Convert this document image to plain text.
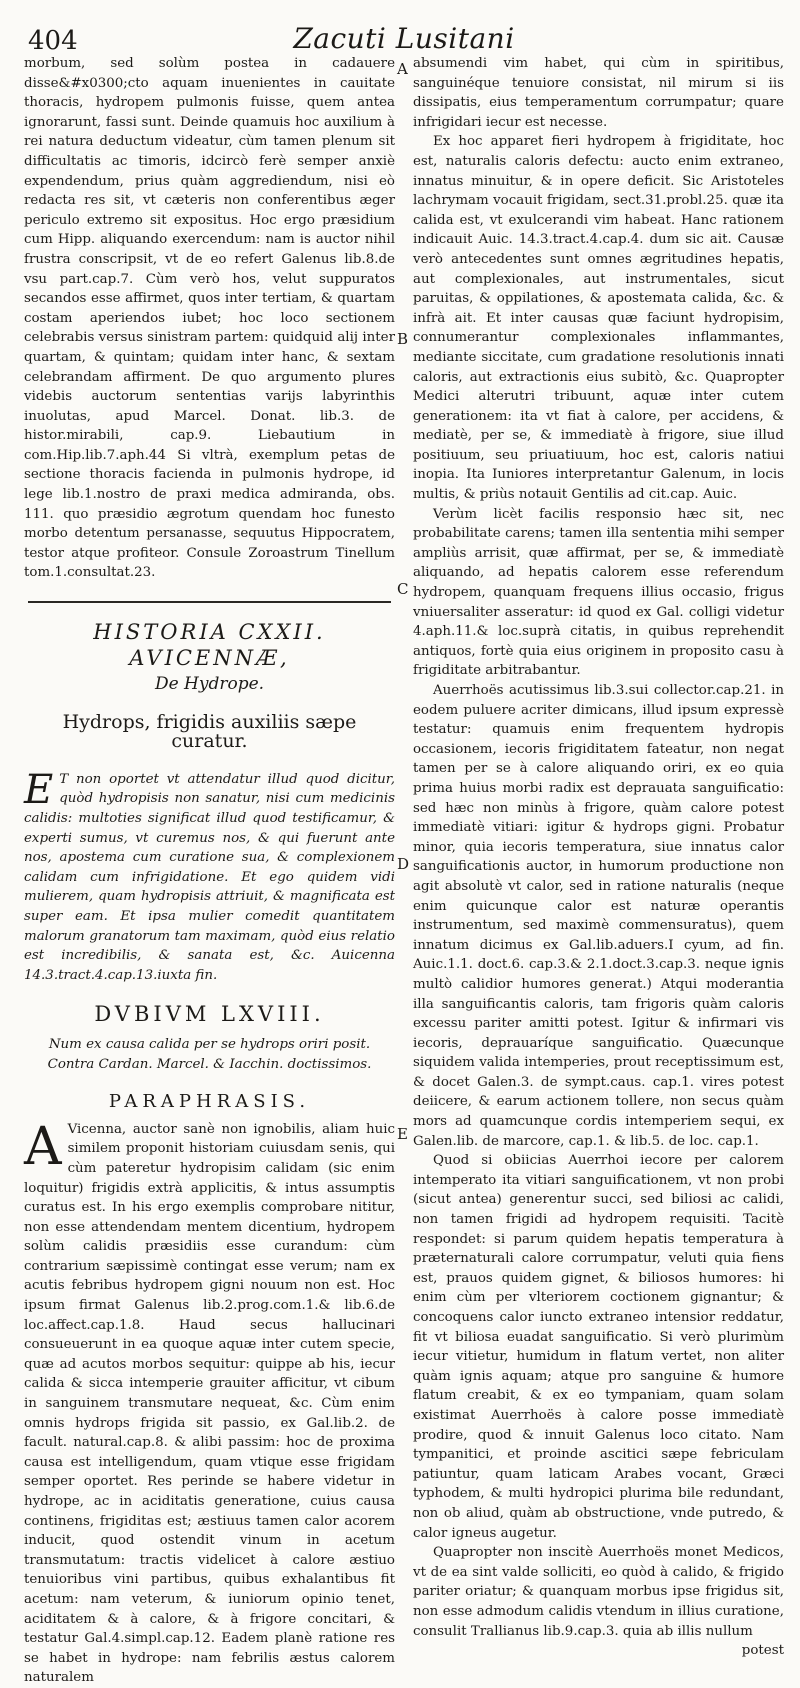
404	Zacuti Lusitani
A
B
C
D
E

morbum, sed solùm postea in cadauere disse&#x0300;cto aquam inuenientes in cauitate thoracis, hydropem pulmonis fuisse, quem antea ignorarunt, fassi sunt. Deinde quamuis hoc auxilium à rei natura deductum videatur, cùm tamen plenum sit difficultatis ac timoris, idcircò ferè semper anxiè expendendum, prius quàm aggrediendum, nisi eò redacta res sit, vt cæteris non conferentibus æger periculo extremo sit expositus. Hoc ergo præsidium cum Hipp. aliquando exercendum: nam is auctor nihil frustra conscripsit, vt de eo refert Galenus lib.8.de vsu part.cap.7. Cùm verò hos, velut suppuratos secandos esse affirmet, quos inter tertiam, & quartam costam aperiendos iubet; hoc loco sectionem celebrabis versus sinistram partem: quidquid alij inter quartam, & quintam; quidam inter hanc, & sextam celebrandam affirment. De quo argumento plures videbis auctorum sententias varijs labyrinthis inuolutas, apud Marcel. Donat. lib.3. de histor.mirabili, cap.9. Liebautium in com.Hip.lib.7.aph.44 Si vltrà, exemplum petas de sectione thoracis facienda in pulmonis hydrope, id lege lib.1.nostro de praxi medica admiranda, obs. 111. quo præsidio ægrotum quendam hoc funesto morbo detentum persanasse, sequutus Hippocratem, testor atque profiteor. Consule Zoroastrum Tinellum tom.1.consultat.23.

HISTORIA CXXII. AVICENNÆ,

De Hydrope.

Hydrops, frigidis auxiliis sæpe curatur.

E T non oportet vt attendatur illud quod dicitur, quòd hydropisis non sanatur, nisi cum medicinis calidis: multoties significat illud quod testificamur, & experti sumus, vt curemus nos, & qui fuerunt ante nos, apostema cum curatione sua, & complexionem calidam cum infrigidatione. Et ego quidem vidi mulierem, quam hydropisis attriuit, & magnificata est super eam. Et ipsa mulier comedit quantitatem malorum granatorum tam maximam, quòd eius relatio est incredibilis, & sanata est, &c. Auicenna 14.3.tract.4.cap.13.iuxta fin.

DVBIVM LXVIII.

Num ex causa calida per se hydrops oriri posit. Contra Cardan. Marcel. & Iacchin. doctissimos.

PARAPHRASIS.

A Vicenna, auctor sanè non ignobilis, aliam huic similem proponit historiam cuiusdam senis, qui cùm pateretur hydropisim calidam (sic enim loquitur) frigidis extrà applicitis, & intus assumptis curatus est. In his ergo exemplis comprobare nititur, non esse attendendam mentem dicentium, hydropem solùm calidis præsidiis esse curandum: cùm contrarium sæpissimè contingat esse verum; nam ex acutis febribus hydropem gigni nouum non est. Hoc ipsum firmat Galenus lib.2.prog.com.1.& lib.6.de loc.affect.cap.1.8. Haud secus hallucinari consueuerunt in ea quoque aquæ inter cutem specie, quæ ad acutos morbos sequitur: quippe ab his, iecur calida & sicca intemperie grauiter afficitur, vt cibum in sanguinem transmutare nequeat, &c. Cùm enim omnis hydrops frigida sit passio, ex Gal.lib.2. de facult. natural.cap.8. & alibi passim: hoc de proxima causa est intelligendum, quam vtique esse frigidam semper oportet. Res perinde se habere videtur in hydrope, ac in aciditatis generatione, cuius causa continens, frigiditas est; æstiuus tamen calor acorem inducit, quod ostendit vinum in acetum transmutatum: tractis videlicet à calore æstiuo tenuioribus vini partibus, quibus exhalantibus fit acetum: nam veterum, & iuniorum opinio tenet, aciditatem & à calore, & à frigore concitari, & testatur Gal.4.simpl.cap.12. Eadem planè ratione res se habet in hydrope: nam febrilis æstus calorem naturalem

absumendi vim habet, qui cùm in spiritibus, sanguinéque tenuiore consistat, nil mirum si iis dissipatis, eius temperamentum corrumpatur; quare infrigidari iecur est necesse.

Ex hoc apparet fieri hydropem à frigiditate, hoc est, naturalis caloris defectu: aucto enim extraneo, innatus minuitur, & in opere deficit. Sic Aristoteles lachrymam vocauit frigidam, sect.31.probl.25. quæ ita calida est, vt exulcerandi vim habeat. Hanc rationem indicauit Auic. 14.3.tract.4.cap.4. dum sic ait. Causæ verò antecedentes sunt omnes ægritudines hepatis, aut complexionales, aut instrumentales, sicut paruitas, & oppilationes, & apostemata calida, &c. & infrà ait. Et inter causas quæ faciunt hydropisim, connumerantur complexionales inflammantes, mediante siccitate, cum gradatione resolutionis innati caloris, aut extractionis eius subitò, &c. Quapropter Medici alterutri tribuunt, aquæ inter cutem generationem: ita vt fiat à calore, per accidens, & mediatè, per se, & immediatè à frigore, siue illud positiuum, seu priuatiuum, hoc est, caloris natiui inopia. Ita Iuniores interpretantur Galenum, in locis multis, & priùs notauit Gentilis ad cit.cap. Auic.

Verùm licèt facilis responsio hæc sit, nec probabilitate carens; tamen illa sententia mihi semper ampliùs arrisit, quæ affirmat, per se, & immediatè aliquando, ad hepatis calorem esse referendum hydropem, quanquam frequens illius occasio, frigus vniuersaliter asseratur: id quod ex Gal. colligi videtur 4.aph.11.& loc.suprà citatis, in quibus reprehendit antiquos, fortè quia eius originem in proposito casu à frigiditate arbitrabantur.

Auerrhoës acutissimus lib.3.sui collector.cap.21. in eodem puluere acriter dimicans, illud ipsum expressè testatur: quamuis enim frequentem hydropis occasionem, iecoris frigiditatem fateatur, non negat tamen per se à calore aliquando oriri, ex eo quia prima huius morbi radix est deprauata sanguificatio: sed hæc non minùs à frigore, quàm calore potest immediatè vitiari: igitur & hydrops gigni. Probatur minor, quia iecoris temperatura, siue innatus calor sanguificationis auctor, in humorum productione non agit absolutè vt calor, sed in ratione naturalis (neque enim quicunque calor est naturæ operantis instrumentum, sed maximè commensuratus), quem innatum dicimus ex Gal.lib.aduers.I cyum, ad fin. Auic.1.1. doct.6. cap.3.& 2.1.doct.3.cap.3. neque ignis multò calidior humores generat.) Atqui moderantia illa sanguificantis caloris, tam frigoris quàm caloris excessu pariter amitti potest. Igitur & infirmari vis iecoris, deprauaríque sanguificatio. Quæcunque siquidem valida intemperies, prout receptissimum est, & docet Galen.3. de sympt.caus. cap.1. vires potest deiicere, & earum actionem tollere, non secus quàm mors ad quamcunque cordis intemperiem sequi, ex Galen.lib. de marcore, cap.1. & lib.5. de loc. cap.1.

Quod si obiicias Auerrhoi iecore per calorem intemperato ita vitiari sanguificationem, vt non probi (sicut antea) generentur succi, sed biliosi ac calidi, non tamen frigidi ad hydropem requisiti. Tacitè respondet: si parum quidem hepatis temperatura à præternaturali calore corrumpatur, veluti quia fiens est, prauos quidem gignet, & biliosos humores: hi enim cùm per vlteriorem coctionem gignantur; & concoquens calor iuncto extraneo intensior reddatur, fit vt biliosa euadat sanguificatio. Si verò plurimùm iecur vitietur, humidum in flatum vertet, non aliter quàm ignis aquam; atque pro sanguine & humore flatum creabit, & ex eo tympaniam, quam solam existimat Auerrhoës à calore posse immediatè prodire, quod & innuit Galenus loco citato. Nam tympanitici, et proinde ascitici sæpe febriculam patiuntur, quam laticam Arabes vocant, Græci typhodem, & multi hydropici plurima bile redundant, non ob aliud, quàm ab obstructione, vnde putredo, & calor igneus augetur.

Quapropter non inscitè Auerrhoës monet Medicos, vt de ea sint valde solliciti, eo quòd à calido, & frigido pariter oriatur; & quanquam morbus ipse frigidus sit, non esse admodum calidis vtendum in illius curatione, consulit Trallianus lib.9.cap.3. quia ab illis nullum

potest
